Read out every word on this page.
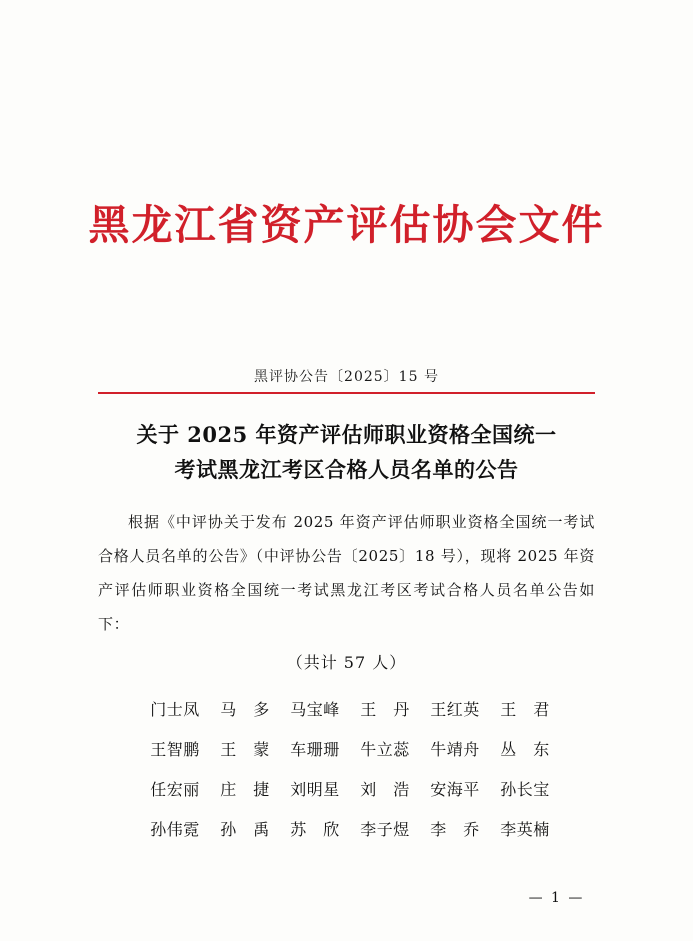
黑龙江省资产评估协会文件
黑评协公告〔2025〕15 号
关于 2025 年资产评估师职业资格全国统一
考试黑龙江考区合格人员名单的公告
根据《中评协关于发布 2025 年资产评估师职业资格全国统一考试合格人员名单的公告》（中评协公告〔2025〕18 号），现将 2025 年资产评估师职业资格全国统一考试黑龙江考区考试合格人员名单公告如下：
（共计 57 人）
门士凤	马　多	马宝峰	王　丹	王红英	王　君
王智鹏	王　蒙	车珊珊	牛立蕊	牛靖舟	丛　东
任宏丽	庄　捷	刘明星	刘　浩	安海平	孙长宝
孙伟霓	孙　禹	苏　欣	李子煜	李　乔	李英楠
— 1 —
